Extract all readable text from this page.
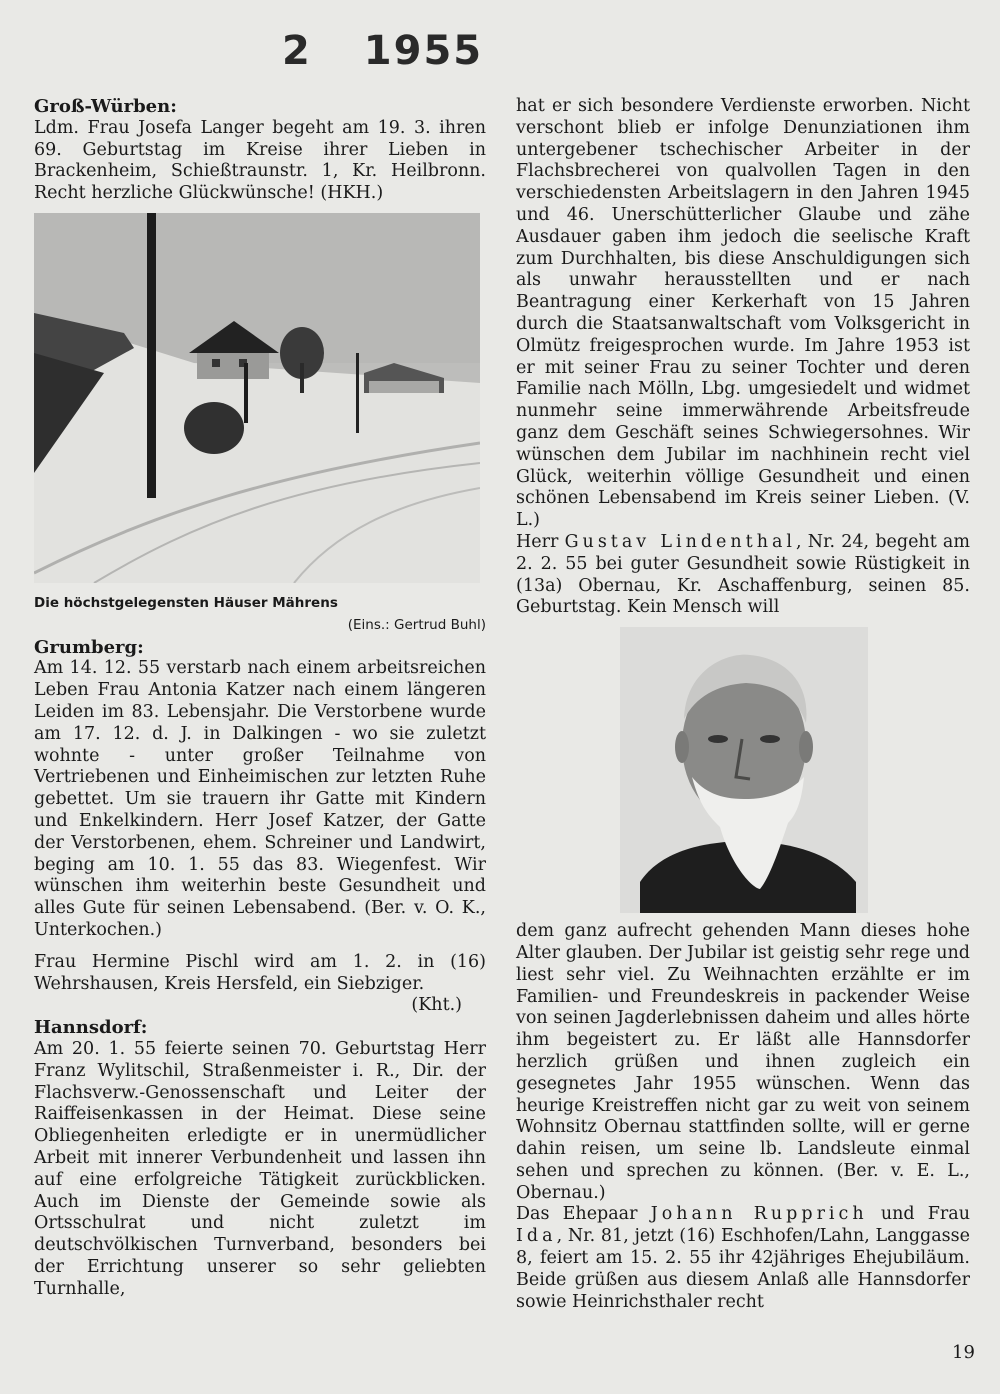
2 1955

Groß-Würben:

Ldm. Frau Josefa Langer begeht am 19. 3. ihren 69. Geburtstag im Kreise ihrer Lieben in Brackenheim, Schießtraunstr. 1, Kr. Heilbronn. Recht herzliche Glückwünsche! (HKH.)

Die höchstgelegensten Häuser Mährens

(Eins.: Gertrud Buhl)

Grumberg:

Am 14. 12. 55 verstarb nach einem arbeitsreichen Leben Frau Antonia Katzer nach einem längeren Leiden im 83. Lebensjahr. Die Verstorbene wurde am 17. 12. d. J. in Dalkingen - wo sie zuletzt wohnte - unter großer Teilnahme von Vertriebenen und Einheimischen zur letzten Ruhe gebettet. Um sie trauern ihr Gatte mit Kindern und Enkelkindern. Herr Josef Katzer, der Gatte der Verstorbenen, ehem. Schreiner und Landwirt, beging am 10. 1. 55 das 83. Wiegenfest. Wir wünschen ihm weiterhin beste Gesundheit und alles Gute für seinen Lebensabend. (Ber. v. O. K., Unterkochen.)

Frau Hermine Pischl wird am 1. 2. in (16) Wehrshausen, Kreis Hersfeld, ein Siebziger.

(Kht.)

Hannsdorf:

Am 20. 1. 55 feierte seinen 70. Geburtstag Herr Franz Wylitschil, Straßenmeister i. R., Dir. der Flachsverw.-Genossenschaft und Leiter der Raiffeisenkassen in der Heimat. Diese seine Obliegenheiten erledigte er in unermüdlicher Arbeit mit innerer Verbundenheit und lassen ihn auf eine erfolgreiche Tätigkeit zurückblicken. Auch im Dienste der Gemeinde sowie als Ortsschulrat und nicht zuletzt im deutschvölkischen Turnverband, besonders bei der Errichtung unserer so sehr geliebten Turnhalle,

hat er sich besondere Verdienste erworben. Nicht verschont blieb er infolge Denunziationen ihm untergebener tschechischer Arbeiter in der Flachsbrecherei von qualvollen Tagen in den verschiedensten Arbeitslagern in den Jahren 1945 und 46. Unerschütterlicher Glaube und zähe Ausdauer gaben ihm jedoch die seelische Kraft zum Durchhalten, bis diese Anschuldigungen sich als unwahr herausstellten und er nach Beantragung einer Kerkerhaft von 15 Jahren durch die Staatsanwaltschaft vom Volksgericht in Olmütz freigesprochen wurde. Im Jahre 1953 ist er mit seiner Frau zu seiner Tochter und deren Familie nach Mölln, Lbg. umgesiedelt und widmet nunmehr seine immerwährende Arbeitsfreude ganz dem Geschäft seines Schwiegersohnes. Wir wünschen dem Jubilar im nachhinein recht viel Glück, weiterhin völlige Gesundheit und einen schönen Lebensabend im Kreis seiner Lieben. (V. L.)

Herr Gustav Lindenthal, Nr. 24, begeht am 2. 2. 55 bei guter Gesundheit sowie Rüstigkeit in (13a) Obernau, Kr. Aschaffenburg, seinen 85. Geburtstag. Kein Mensch will

dem ganz aufrecht gehenden Mann dieses hohe Alter glauben. Der Jubilar ist geistig sehr rege und liest sehr viel. Zu Weihnachten erzählte er im Familien- und Freundeskreis in packender Weise von seinen Jagderlebnissen daheim und alles hörte ihm begeistert zu. Er läßt alle Hannsdorfer herzlich grüßen und ihnen zugleich ein gesegnetes Jahr 1955 wünschen. Wenn das heurige Kreistreffen nicht gar zu weit von seinem Wohnsitz Obernau stattfinden sollte, will er gerne dahin reisen, um seine lb. Landsleute einmal sehen und sprechen zu können. (Ber. v. E. L., Obernau.)

Das Ehepaar Johann Rupprich und Frau Ida, Nr. 81, jetzt (16) Eschhofen/Lahn, Langgasse 8, feiert am 15. 2. 55 ihr 42jähriges Ehejubiläum. Beide grüßen aus diesem Anlaß alle Hannsdorfer sowie Heinrichsthaler recht

19
